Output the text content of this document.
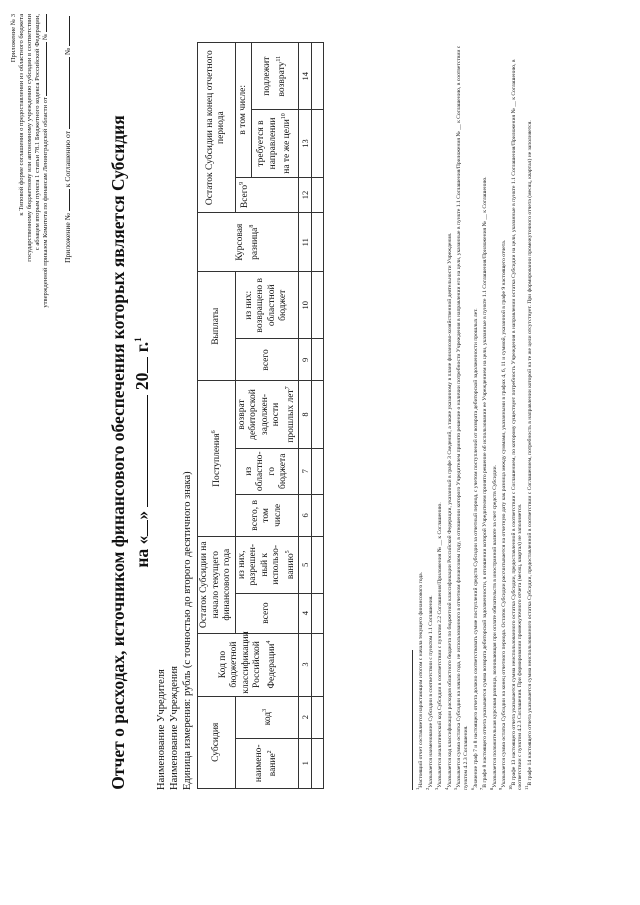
Приложение № 3 к Типовой форме соглашения о предоставлении из областного бюджета государственному бюджетному или автономному учреждению субсидии в соответствии с абзацем вторым пункта 1 статьи 78.1 Бюджетного кодекса Российской Федерации, утвержденной приказом Комитета по финансам Ленинградской области от  №
Приложение №  к Соглашению от  №
Отчет о расходах, источником финансового обеспечения которых является Субсидия на «»  20 г.$^1$
Наименование Учредителя Наименование Учреждения Единица измерения: рубль (с точностью до второго десятичного знака) Субсидия		Код по бюджетной классификации Российской Федерации$^4$	Остаток Субсидии на начало текущего финансового года		Поступления$^6$			Выплаты		Курсовая разница$^8$	Остаток Субсидии на конец отчетного периода		
наимено-вание$^2$	код$^3$		всего	из них, разрешен-ный к использо-ванию$^5$	всего, в том числе	из областно-го бюджета	возврат дебиторской задолжен-ности прошлых лет$^7$	всего	из них: возвращено в областной бюджет		Всего$^9$	в том числе:	
												требуется в направлении на те же цели$^{10}$	подлежит возврату$^{11}$
1	2	3	4	5	6	7	8	9	10	11	12	13	14

$^1$Настоящий отчет составляется нарастающим итогом с начала текущего финансового года.
$^2$Указывается наименование Субсидии в соответствии с пунктом 1.1 Соглашения.
$^3$Указывается аналитический код Субсидии в соответствии с пунктом 2.2 Соглашения/Приложения № __ к Соглашению.
$^4$Указывается код классификации расходов областного бюджета по бюджетной классификации Российской Федерации, указанный в графе 3 Сведений, а также указанному в плане финансово-хозяйственной деятельности Учреждения.
$^5$Указывается сумма остатка Субсидии на начало года, не использованного в отчетном финансовом году, в отношении которого Учредителем принято решение о наличии потребности Учреждения в направлении его на цели, указанные в пункте 1.1 Соглашения/Приложения № __ к Соглашению, в соответствии с пунктом 4.2.3 Соглашения. $^6$Значение граф 7 и 8 настоящего отчета должно соответствовать сумме поступлений средств Субсидии за отчетный период, с учетом поступлений от возврата дебиторской задолженности прошлых лет.
$^7$В графе 8 настоящего отчета указывается сумма возврата дебиторской задолженности, в отношении которой Учредителем принято решение об использовании ее Учреждением на цели, указанные в пункте 1.1 Соглашения/Приложения № __ к Соглашению.
$^8$Указывается положительная курсовая разница, возникающая при оплате обязательств в иностранной валюте за счет средств Субсидии.
$^9$Указывается сумма остатка Субсидии на конец отчетного периода. Остаток Субсидии рассчитывается на отчетную дату как разница между суммами, указанными в графах 4, 6, 11 и суммой, указанной в графе 9 настоящего отчета. $^{10}$В графе 13 настоящего отчета указывается сумма неиспользованного остатка Субсидии, предоставленной в соответствии с Соглашением, по которому существует потребность Учреждения в направлении остатка Субсидии на цели, указанные в пункте 1.1 Соглашения/Приложения № __ к Соглашению, в соответствии с пунктом 4.2.3 Соглашения. При формировании промежуточного отчета (месяц, квартал) не заполняется. $^{11}$В графе 14 настоящего отчета указывается сумма неиспользованного остатка Субсидии, предоставленной в соответствии с Соглашением, потребность в направлении которой на те же цели отсутствует. При формировании промежуточного отчета (месяц, квартал) не заполняется.
